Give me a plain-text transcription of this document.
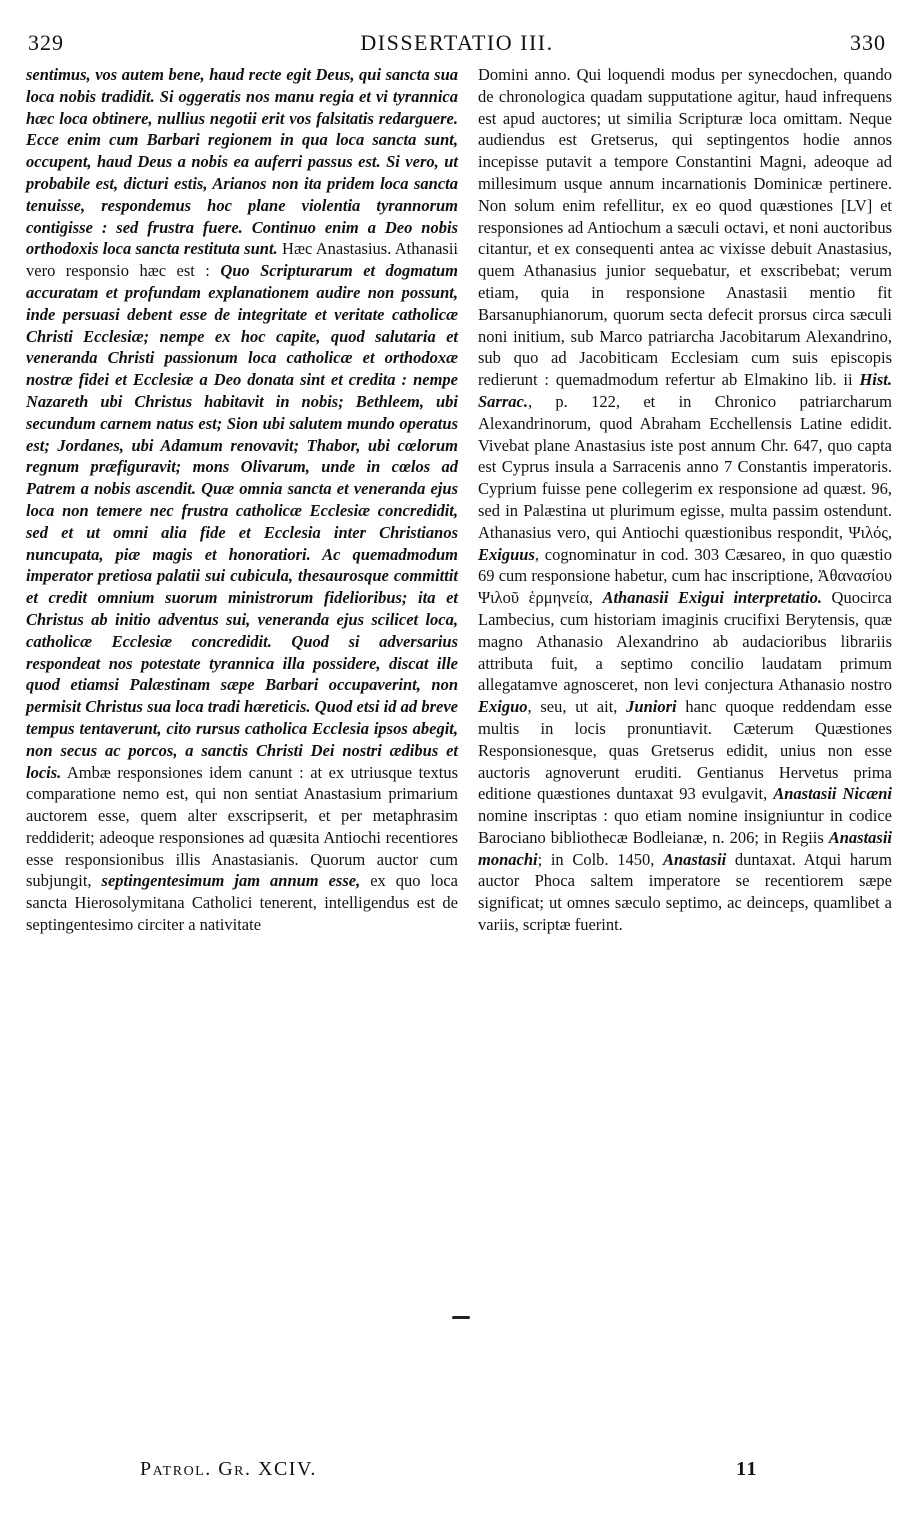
329	DISSERTATIO III.	330

sentimus, vos autem bene, haud recte egit Deus, qui sancta sua loca nobis tradidit. Si oggeratis nos manu regia et vi tyrannica hæc loca obtinere, nullius negotii erit vos falsitatis redarguere. Ecce enim cum Barbari regionem in qua loca sancta sunt, occupent, haud Deus a nobis ea auferri passus est. Si vero, ut probabile est, dicturi estis, Arianos non ita pridem loca sancta tenuisse, respondemus hoc plane violentia tyrannorum contigisse : sed frustra fuere. Continuo enim a Deo nobis orthodoxis loca sancta restituta sunt. Hæc Anastasius. Athanasii vero responsio hæc est : Quo Scripturarum et dogmatum accuratam et profundam explanationem audire non possunt, inde persuasi debent esse de integritate et veritate catholicæ Christi Ecclesiæ; nempe ex hoc capite, quod salutaria et veneranda Christi passionum loca catholicæ et orthodoxæ nostræ fidei et Ecclesiæ a Deo donata sint et credita : nempe Nazareth ubi Christus habitavit in nobis; Bethleem, ubi secundum carnem natus est; Sion ubi salutem mundo operatus est; Jordanes, ubi Adamum renovavit; Thabor, ubi cœlorum regnum præfiguravit; mons Olivarum, unde in cœlos ad Patrem a nobis ascendit. Quæ omnia sancta et veneranda ejus loca non temere nec frustra catholicæ Ecclesiæ concredidit, sed et ut omni alia fide et Ecclesia inter Christianos nuncupata, piæ magis et honoratiori. Ac quemadmodum imperator pretiosa palatii sui cubicula, thesaurosque committit et credit omnium suorum ministrorum fidelioribus; ita et Christus ab initio adventus sui, veneranda ejus scilicet loca, catholicæ Ecclesiæ concredidit. Quod si adversarius respondeat nos potestate tyrannica illa possidere, discat ille quod etiamsi Palæstinam sæpe Barbari occupaverint, non permisit Christus sua loca tradi hæreticis. Quod etsi id ad breve tempus tentaverunt, cito rursus catholica Ecclesia ipsos abegit, non secus ac porcos, a sanctis Christi Dei nostri ædibus et locis. Ambæ responsiones idem canunt : at ex utriusque textus comparatione nemo est, qui non sentiat Anastasium primarium auctorem esse, quem alter exscripserit, et per metaphrasim reddiderit; adeoque responsiones ad quæsita Antiochi recentiores esse responsionibus illis Anastasianis. Quorum auctor cum subjungit, septingentesimum jam annum esse, ex quo loca sancta Hierosolymitana Catholici tenerent, intelligendus est de septingentesimo circiter a nativitate

Domini anno. Qui loquendi modus per synecdochen, quando de chronologica quadam supputatione agitur, haud infrequens est apud auctores; ut similia Scripturæ loca omittam. Neque audiendus est Gretserus, qui septingentos hodie annos incepisse putavit a tempore Constantini Magni, adeoque ad millesimum usque annum incarnationis Dominicæ pertinere. Non solum enim refellitur, ex eo quod quæstiones [LV] et responsiones ad Antiochum a sæculi octavi, et noni auctoribus citantur, et ex consequenti antea ac vixisse debuit Anastasius, quem Athanasius junior sequebatur, et exscribebat; verum etiam, quia in responsione Anastasii mentio fit Barsanuphianorum, quorum secta defecit prorsus circa sæculi noni initium, sub Marco patriarcha Jacobitarum Alexandrino, sub quo ad Jacobiticam Ecclesiam cum suis episcopis redierunt : quemadmodum refertur ab Elmakino lib. ii Hist. Sarrac., p. 122, et in Chronico patriarcharum Alexandrinorum, quod Abraham Ecchellensis Latine edidit. Vivebat plane Anastasius iste post annum Chr. 647, quo capta est Cyprus insula a Sarracenis anno 7 Constantis imperatoris. Cyprium fuisse pene collegerim ex responsione ad quæst. 96, sed in Palæstina ut plurimum egisse, multa passim ostendunt. Athanasius vero, qui Antiochi quæstionibus respondit, Ψιλός, Exiguus, cognominatur in cod. 303 Cæsareo, in quo quæstio 69 cum responsione habetur, cum hac inscriptione, Ἀθανασίου Ψιλοῦ ἑρμηνεία, Athanasii Exigui interpretatio. Quocirca Lambecius, cum historiam imaginis crucifixi Berytensis, quæ magno Athanasio Alexandrino ab audacioribus librariis attributa fuit, a septimo concilio laudatam primum allegatamve agnosceret, non levi conjectura Athanasio nostro Exiguo, seu, ut ait, Juniori hanc quoque reddendam esse multis in locis pronuntiavit. Cæterum Quæstiones Responsionesque, quas Gretserus edidit, unius non esse auctoris agnoverunt eruditi. Gentianus Hervetus prima editione quæstiones duntaxat 93 evulgavit, Anastasii Nicæni nomine inscriptas : quo etiam nomine insigniuntur in codice Barociano bibliothecæ Bodleianæ, n. 206; in Regiis Anastasii monachi; in Colb. 1450, Anastasii duntaxat. Atqui harum auctor Phoca saltem imperatore se recentiorem sæpe significat; ut omnes sæculo septimo, ac deinceps, quamlibet a variis, scriptæ fuerint.

Patrol. Gr. XCIV.	11
